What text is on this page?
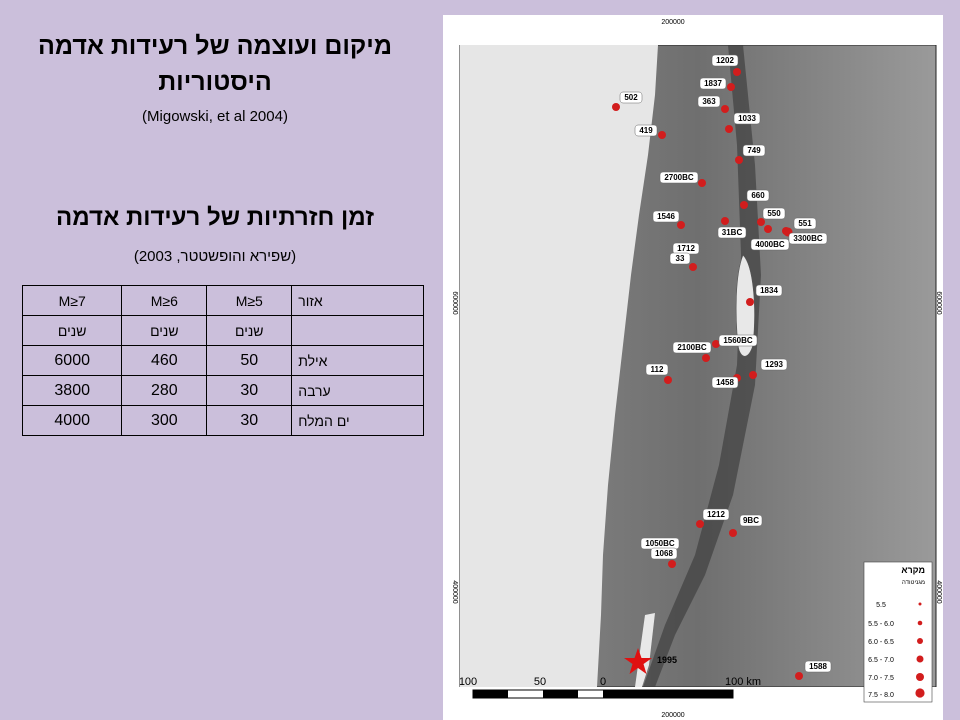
מיקום ועוצמה של רעידות אדמה
היסטוריות
(Migowski, et al 2004)
זמן חזרתיות של רעידות אדמה
(שפירא והופשטטר, 2003)
אזור	M≥5	M≥6	M≥7
	שנים	שנים	שנים
אילת	50	460	6000
ערבה	30	280	3800
ים המלח	30	300	4000
200000
200000
600000
400000
600000
400000
1202
1837
502	363
419
1033
749
2700BC
660
550
551
1546
31BC
4000BC
3300BC
1712
33
1834
1560BC
2100BC
1293
112
1458
1212
9BC
1050BC
1068
1588
1995
מקרא
מגניטודה
5.5
5.5 - 6.0
6.0 - 6.5
6.5 - 7.0
7.0 - 7.5
7.5 - 8.0
100	50	0	100 km
